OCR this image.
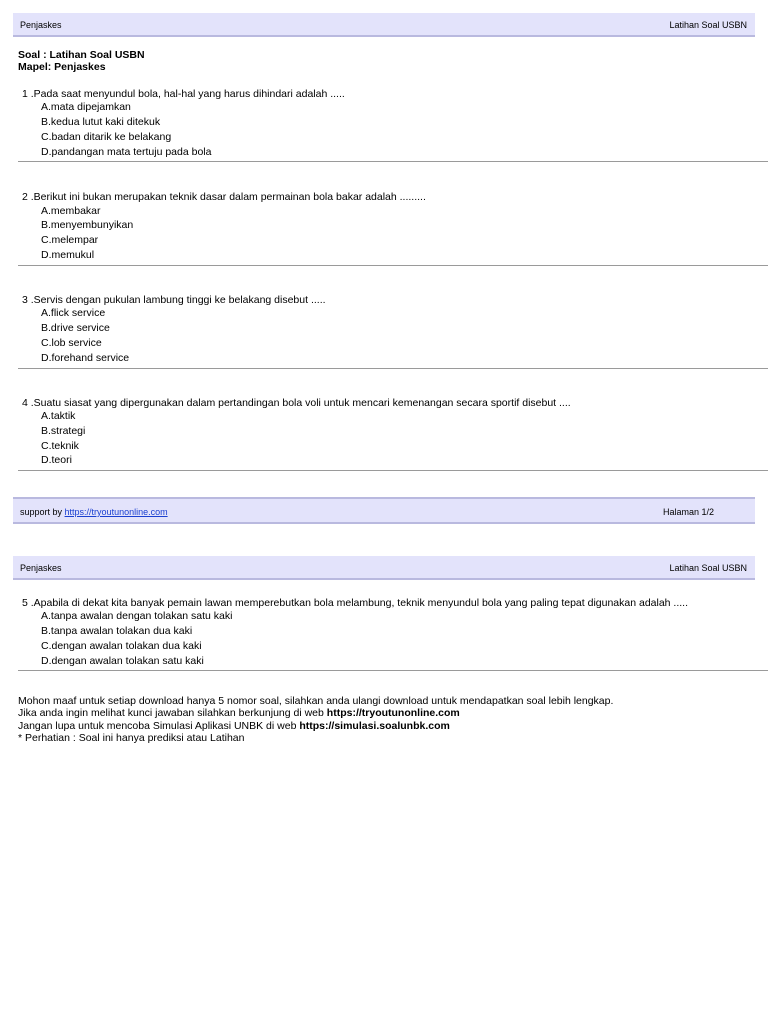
Penjaskes	Latihan Soal USBN
Soal : Latihan Soal USBN
Mapel: Penjaskes
1 .Pada saat menyundul bola, hal-hal yang harus dihindari adalah .....
A.mata dipejamkan
B.kedua lutut kaki ditekuk
C.badan ditarik ke belakang
D.pandangan mata tertuju pada bola
2 .Berikut ini bukan merupakan teknik dasar dalam permainan bola bakar adalah .........
A.membakar
B.menyembunyikan
C.melempar
D.memukul
3 .Servis dengan pukulan lambung tinggi ke belakang disebut .....
A.flick service
B.drive service
C.lob service
D.forehand service
4 .Suatu siasat yang dipergunakan dalam pertandingan bola voli untuk mencari kemenangan secara sportif disebut ....
A.taktik
B.strategi
C.teknik
D.teori
support by https://tryoutunonline.com	Halaman 1/2
Penjaskes	Latihan Soal USBN
5 .Apabila di dekat kita banyak pemain lawan memperebutkan bola melambung, teknik menyundul bola yang paling tepat digunakan adalah .....
A.tanpa awalan dengan tolakan satu kaki
B.tanpa awalan tolakan dua kaki
C.dengan awalan tolakan dua kaki
D.dengan awalan tolakan satu kaki
Mohon maaf untuk setiap download hanya 5 nomor soal, silahkan anda ulangi download untuk mendapatkan soal lebih lengkap.
Jika anda ingin melihat kunci jawaban silahkan berkunjung di web https://tryoutunonline.com
Jangan lupa untuk mencoba Simulasi Aplikasi UNBK di web https://simulasi.soalunbk.com
* Perhatian : Soal ini hanya prediksi atau Latihan
